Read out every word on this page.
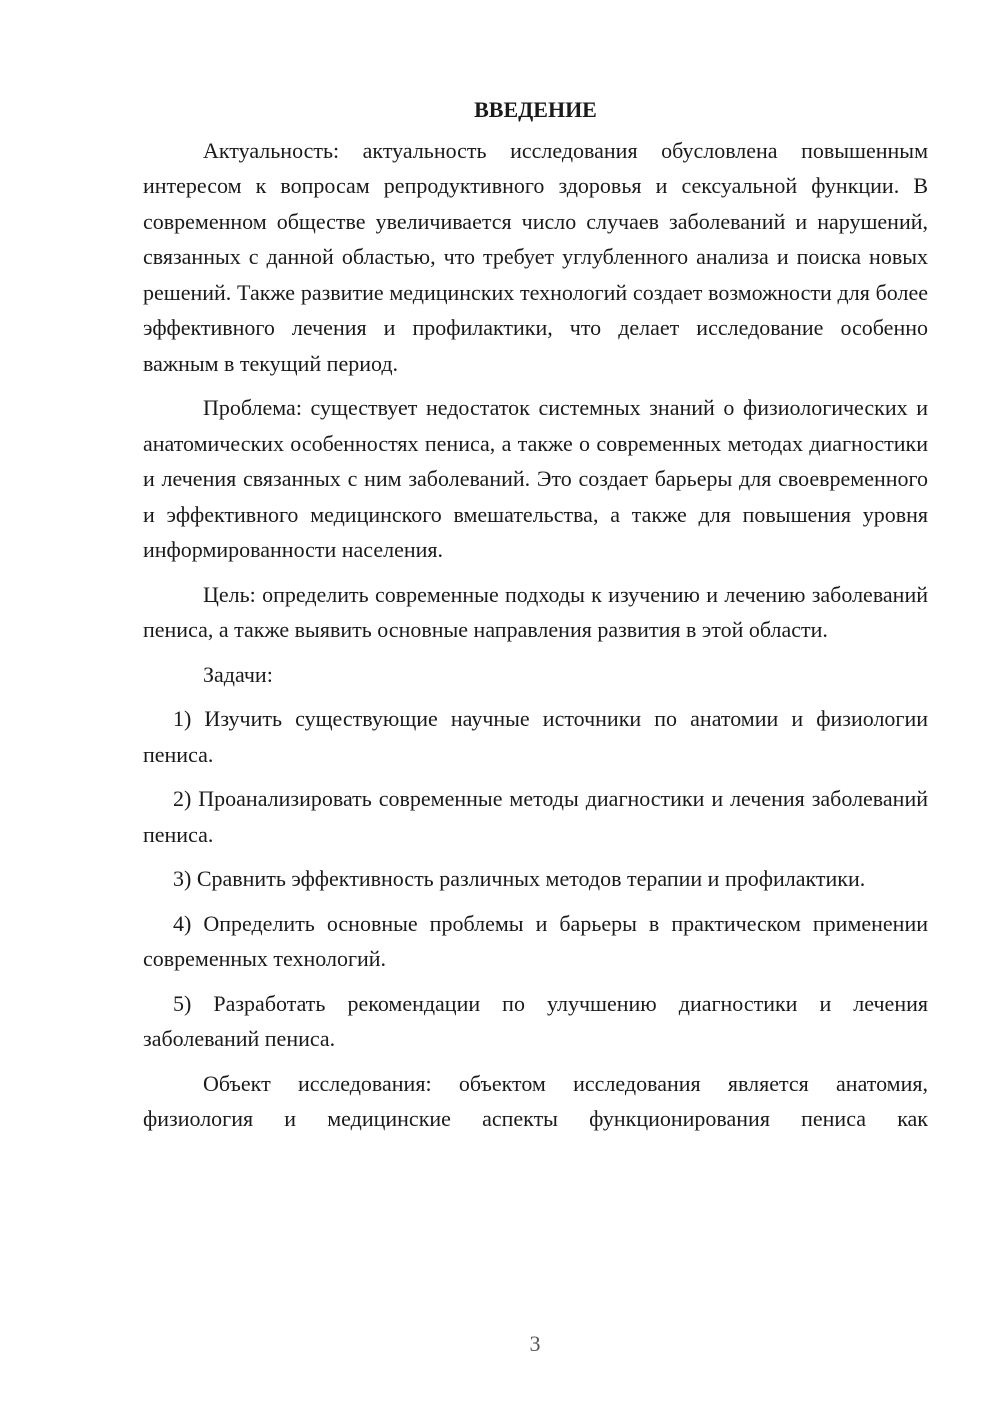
ВВЕДЕНИЕ

Актуальность: актуальность исследования обусловлена повышенным интересом к вопросам репродуктивного здоровья и сексуальной функции. В современном обществе увеличивается число случаев заболеваний и нарушений, связанных с данной областью, что требует углубленного анализа и поиска новых решений. Также развитие медицинских технологий создает возможности для более эффективного лечения и профилактики, что делает исследование особенно важным в текущий период.

Проблема: существует недостаток системных знаний о физиологических и анатомических особенностях пениса, а также о современных методах диагностики и лечения связанных с ним заболеваний. Это создает барьеры для своевременного и эффективного медицинского вмешательства, а также для повышения уровня информированности населения.

Цель: определить современные подходы к изучению и лечению заболеваний пениса, а также выявить основные направления развития в этой области.

Задачи:

1) Изучить существующие научные источники по анатомии и физиологии пениса.

2) Проанализировать современные методы диагностики и лечения заболеваний пениса.

3) Сравнить эффективность различных методов терапии и профилактики.

4) Определить основные проблемы и барьеры в практическом применении современных технологий.

5) Разработать рекомендации по улучшению диагностики и лечения заболеваний пениса.

Объект исследования: объектом исследования является анатомия, физиология и медицинские аспекты функционирования пениса как

3
